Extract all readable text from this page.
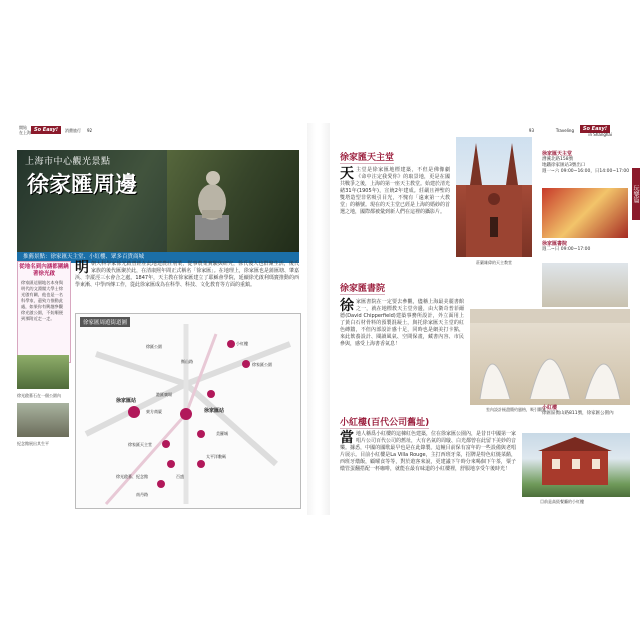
開始
在上海 So Easy!	消費旅行 92
上海市中心觀光景點
徐家匯周邊
推薦景點：徐家匯天主堂、小紅樓、眾多百貨商城
從地名到內涵都圍繞著徐光啟
徐家匯這個地名本身與明代的文淵閣大學士徐光啟有關，他也是一名科學家，還致力推動此處，如果你有興趣參觀徐光啟公園，不妨順便到那附近走一走。
明朝大科學家徐光啟曾經在此地建農莊別業，從事農業實驗與研究，徐氏後人也群聚生活，後氏家族的後代匯聚於此，在清康熙年間正式稱名「徐家匯」。在地理上，徐家匯也是蒲匯塘、肇嘉浜、李漎涇三水會合之處。1847年，天主教在徐家匯建立了耶穌會學院，延續徐光啟利瑪竇推動的西學東漸、中學西傳工作，從此徐家匯成為在科學、科技、文化教育等方面的重鎮。
徐家匯周遊街道圖
小紅樓
徐匯公園
衡山路
徐家匯公園
徐家匯站
港匯廣場
東方商廈
美羅城
太平洋數碼
百盛
徐家匯天主堂
徐光啟墓、紀念館
南丹路
徐家匯站
徐光啟墓石在一個公園內
紀念館展出其生平
93	Traveling	So Easy!
in Shanghai
徐家匯天主堂
天主堂是徐家匯地標建築，不但是佛像劇《命中注定我愛你》的取景地，更是在國共戰爭之後，上海的第一座天主教堂。始建於清光緒31年(1905年)，宣統2年建成。莊嚴且神聖的雙塔造型非常吸引目光，不愧有「遠東第一大教堂」的稱號。現在的天主堂已經是上海的婚紗的首選之地，國際都被彙到新人們在這裡的攝影片。
莊嚴雄偉的天主教堂
徐家匯天主堂
漕溪北路158號
地鐵徐家匯站3號出口
週一~六 09:00~16:00，日14:00~17:00
徐家匯書院
週二~日 09:00~17:00
徐家匯書院
徐家匯書院在一定要去參觀，儘稱上海最美麗書館之一，就在地標教天主堂旁邊，由大衛奇普菲爾德(David Chipperfield)建築事務所設計，外立面用上了黃白石材骨料的預製混凝土，與托徐家匯天主堂的紅色磚牆，不但內部設計感十足，同時也是網美打卡點，來此飲養設計、閱讀風氣、空間保畫，藏書內容、市民參與，感受上海書香氣息！
室內設計極盡簡約風格，吸引觀賞
小紅樓(百代公司舊址)
當地人稱爲小紅樓的這棟紅色建築，位在徐家匯公園內，是昔日中國第一家唱片公司百代公司的舊址，大有名氣的周璇、白光都曾在此留下美妙的音樂。據悉，中國的國歌最早也是在此錄製。這幢目前保有富年的一些設備與老唱片展示。目前小紅樓是La Villa Rouge，主打西班牙菜，招牌是特色紅燒菜餚，西班牙燉飯，顧曜食等等，對於遊客來說，更建議下午時分來喝個下午茶，粟子燉管蛋翻搭配一杯咖啡，就能在最有味道的小紅樓裡，舒服地享受午後時光！
小紅樓
徐匯區衡山路811號，徐家匯公園內
目前是高級餐廳的小紅樓
玩樂篇
